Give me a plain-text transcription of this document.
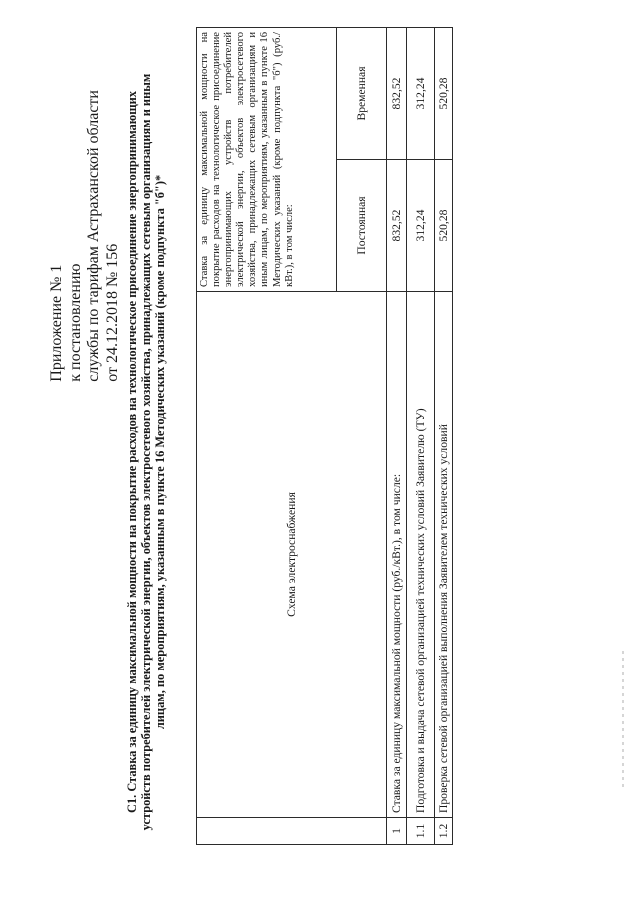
Приложение № 1 к постановлению службы по тарифам Астраханской области от 24.12.2018 № 156 С1. Ставка за единицу максимальной мощности на покрытие расходов на технологическое присоединение энергопринимающих устройств потребителей электрической энергии, объектов электросетевого хозяйства, принадлежащих сетевым организациям и иным лицам, по мероприятиям, указанным в пункте 16 Методических указаний (кроме подпункта "б")*
		Схема электроснабжения	Ставка за единицу максимальной мощности на покрытие расходов на технологическое присоединение энергопринимающих устройств потребителей электрической энергии, объектов электросетевого хозяйства, принадлежащих сетевым организациям и иным лицам, по мероприятиям, указанным в пункте 16 Методических указаний (кроме подпункта "б") (руб./кВт.), в том числе:	
		Постоянная	Временная
1	Ставка за единицу максимальной мощности (руб./кВт.), в том числе:	832,52	832,52
1.1	Подготовка и выдача сетевой организацией технических условий Заявителю (ТУ)	312,24	312,24
1.2	Проверка сетевой организацией выполнения Заявителем технических условий	520,28	520,28
